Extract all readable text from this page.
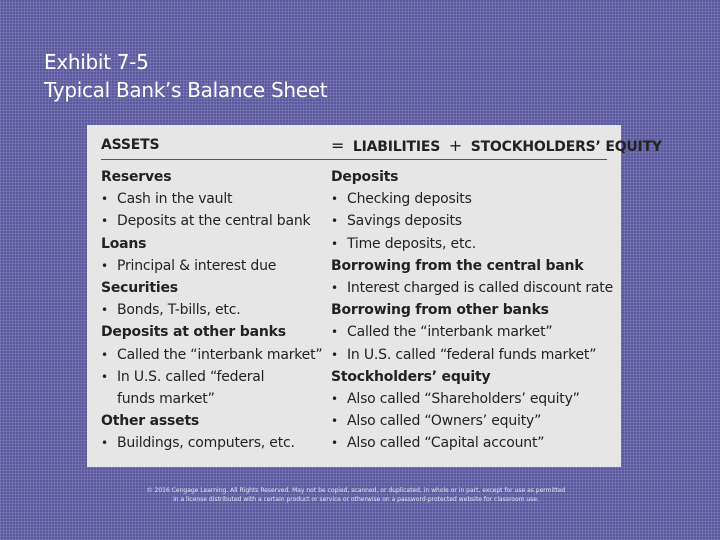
Exhibit 7-5
Typical Bank’s Balance Sheet
ASSETS	= LIABILITIES + STOCKHOLDERS’ EQUITY
Reserves
• Cash in the vault
• Deposits at the central bank
Loans
• Principal & interest due
Securities
• Bonds, T-bills, etc.
Deposits at other banks
• Called the “interbank market”
• In U.S. called “federal
funds market”
Other assets
• Buildings, computers, etc.
Deposits
• Checking deposits
• Savings deposits
• Time deposits, etc.
Borrowing from the central bank
• Interest charged is called discount rate
Borrowing from other banks
• Called the “interbank market”
• In U.S. called “federal funds market”
Stockholders’ equity
• Also called “Shareholders’ equity”
• Also called “Owners’ equity”
• Also called “Capital account”
© 2016 Cengage Learning. All Rights Reserved. May not be copied, scanned, or duplicated, in whole or in part, except for use as permitted
in a license distributed with a certain product or service or otherwise on a password-protected website for classroom use.
